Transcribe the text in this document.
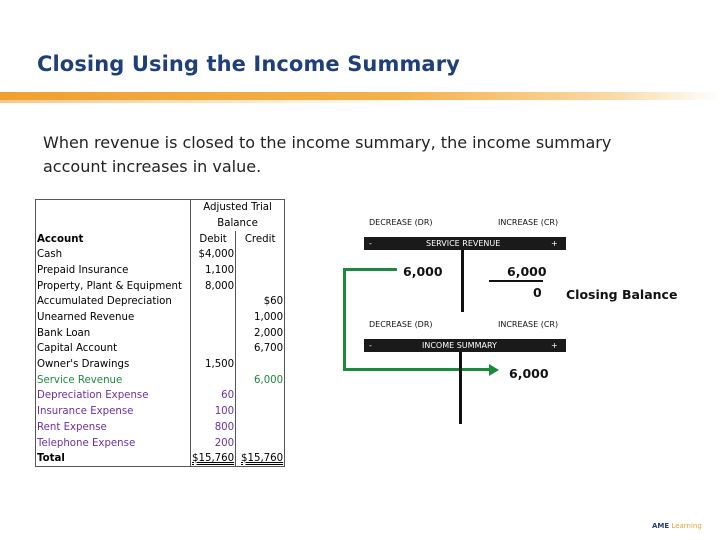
Closing Using the Income Summary
When revenue is closed to the income summary, the income summary account increases in value.
		Adjusted Trial	
		Balance	
Account		Debit	Credit
Cash		$4,000	
Prepaid Insurance		1,100	
Property, Plant & Equipment		8,000	
Accumulated Depreciation			$60
Unearned Revenue			1,000
Bank Loan			2,000
Capital Account			6,700
Owner's Drawings		1,500	
Service Revenue			6,000
Depreciation Expense		60	
Insurance Expense		100	
Rent Expense		800	
Telephone Expense		200	
Total		$15,760	$15,760
DECREASE (DR)	INCREASE (CR)
-	SERVICE REVENUE	+
6,000	6,000
0 Closing Balance
DECREASE (DR)	INCREASE (CR)
-	INCOME SUMMARY	+
6,000
AME Learning
